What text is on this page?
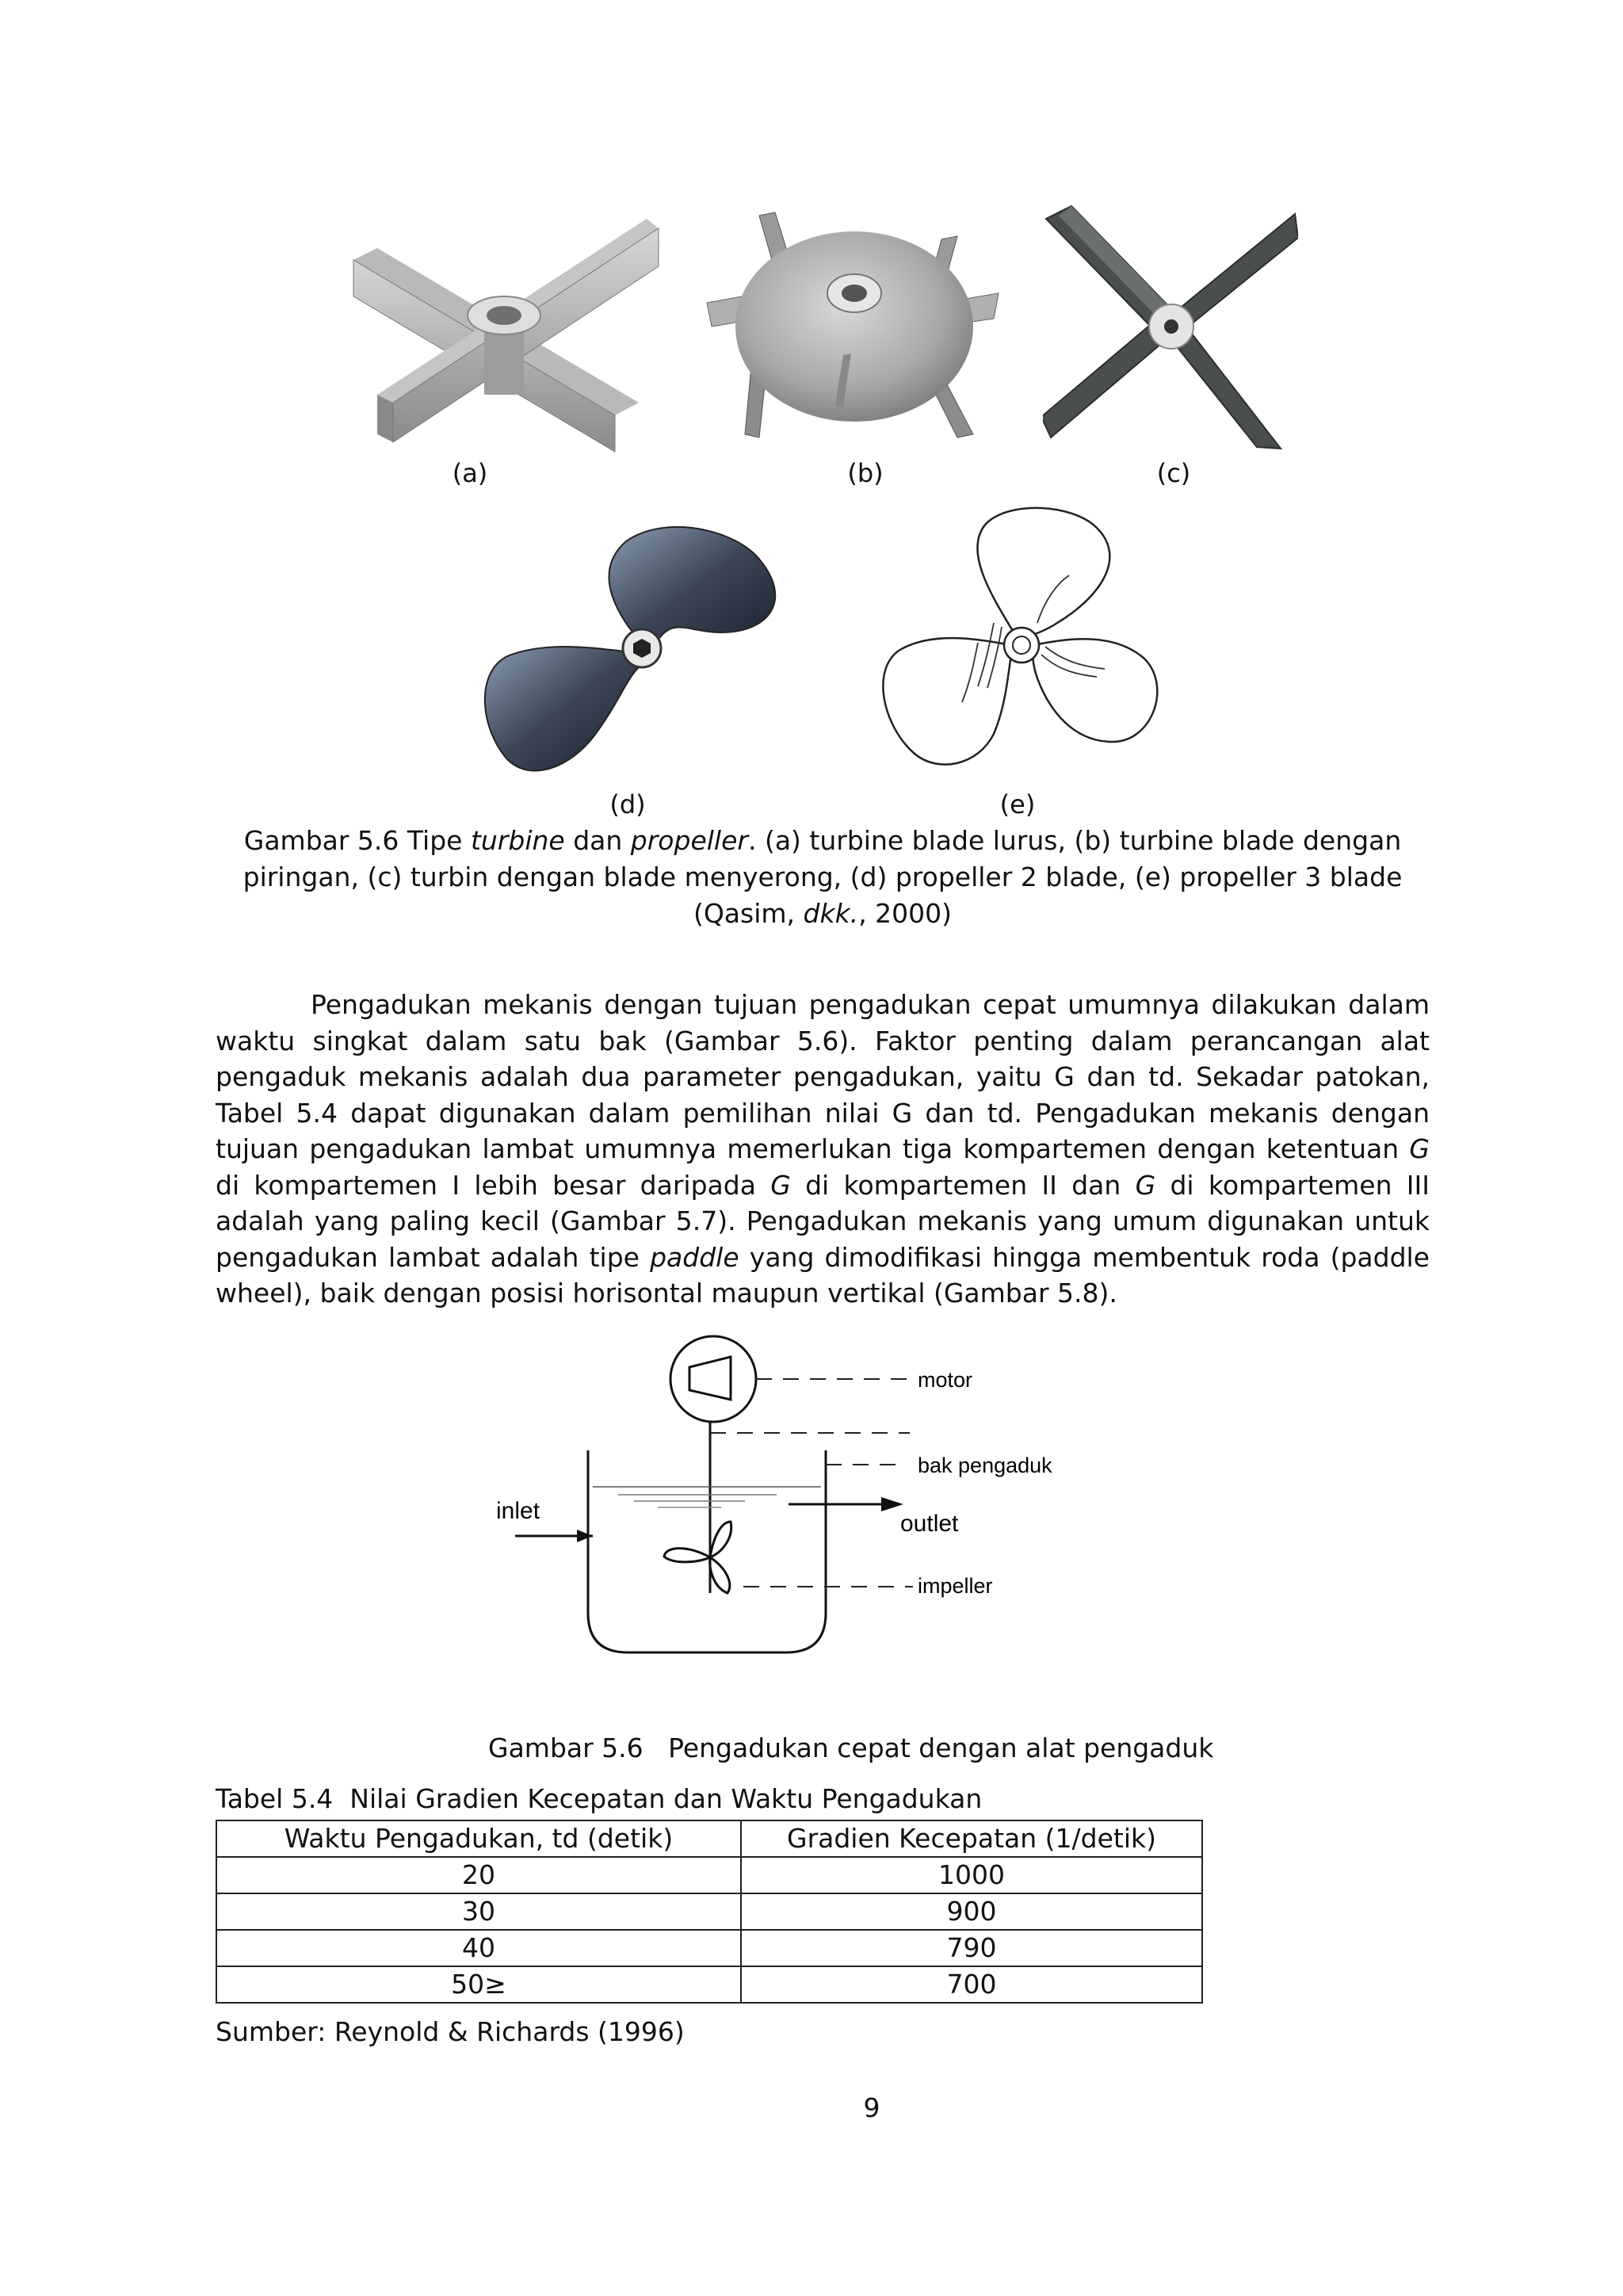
(a)	(b)	(c)
(d)	(e)
Gambar 5.6 Tipe turbine dan propeller. (a) turbine blade lurus, (b) turbine blade dengan piringan, (c) turbin dengan blade menyerong, (d) propeller 2 blade, (e) propeller 3 blade (Qasim, dkk., 2000)
Pengadukan mekanis dengan tujuan pengadukan cepat umumnya dilakukan dalam waktu singkat dalam satu bak (Gambar 5.6). Faktor penting dalam perancangan alat pengaduk mekanis adalah dua parameter pengadukan, yaitu G dan td. Sekadar patokan, Tabel 5.4 dapat digunakan dalam pemilihan nilai G dan td. Pengadukan mekanis dengan tujuan pengadukan lambat umumnya memerlukan tiga kompartemen dengan ketentuan G di kompartemen I lebih besar daripada G di kompartemen II dan G di kompartemen III adalah yang paling kecil (Gambar 5.7). Pengadukan mekanis yang umum digunakan untuk pengadukan lambat adalah tipe paddle yang dimodifikasi hingga membentuk roda (paddle wheel), baik dengan posisi horisontal maupun vertikal (Gambar 5.8).
motor
bak pengaduk
inlet	outlet
impeller
Gambar 5.6   Pengadukan cepat dengan alat pengaduk
Tabel 5.4  Nilai Gradien Kecepatan dan Waktu Pengadukan
Waktu Pengadukan, td (detik)	Gradien Kecepatan (1/detik)
20	1000
30	900
40	790
50≥	700
Sumber: Reynold & Richards (1996)
9
